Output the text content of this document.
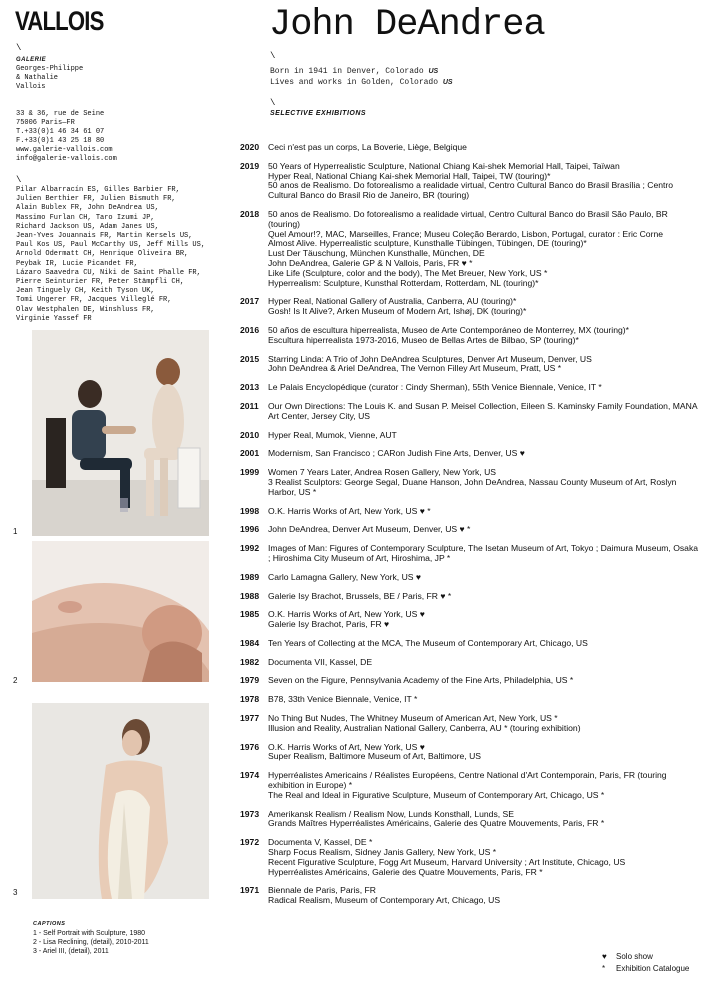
VALLOIS
\
GALERIE
Georges-Philippe
& Nathalie
Vallois
33 & 36, rue de Seine
75006 Paris—FR
T.+33(0)1 46 34 61 07
F.+33(0)1 43 25 18 80
www.galerie-vallois.com
info@galerie-vallois.com
\
Pilar Albarracín ES, Gilles Barbier FR,
Julien Berthier FR, Julien Bismuth FR,
Alain Bublex FR, John DeAndrea US,
Massimo Furlan CH, Taro Izumi JP,
Richard Jackson US, Adam Janes US,
Jean-Yves Jouannais FR, Martin Kersels US,
Paul Kos US, Paul McCarthy US, Jeff Mills US,
Arnold Odermatt CH, Henrique Oliveira BR,
Peybak IR, Lucie Picandet FR,
Lázaro Saavedra CU, Niki de Saint Phalle FR,
Pierre Seinturier FR, Peter Stämpfli CH,
Jean Tinguely CH, Keith Tyson UK,
Tomi Ungerer FR, Jacques Villeglé FR,
Olav Westphalen DE, Winshluss FR,
Virginie Yassef FR
1
2
3
CAPTIONS
1 - Self Portrait with Sculpture, 1980
2 - Lisa Reclining, (detail), 2010-2011
3 - Ariel III, (detail), 2011
John DeAndrea
\
Born in 1941 in Denver, Colorado US
Lives and works in Golden, Colorado US
\
SELECTIVE EXHIBITIONS
2020	Ceci n'est pas un corps, La Boverie, Liège, Belgique
2019	50 Years of Hyperrealistic Sculpture, National Chiang Kai-shek Memorial Hall, Taipei, Taïwan
Hyper Real, National Chiang Kai-shek Memorial Hall, Taipei, TW (touring)*
50 anos de Realismo. Do fotorealismo a realidade virtual, Centro Cultural Banco do Brasil Brasília ; Centro Cultural Banco do Brasil Rio de Janeiro, BR (touring)
2018	50 anos de Realismo. Do fotorealismo a realidade virtual, Centro Cultural Banco do Brasil São Paulo, BR (touring)
Quel Amour!?, MAC, Marseilles, France; Museu Coleção Berardo, Lisbon, Portugal, curator : Eric Corne
Almost Alive. Hyperrealistic sculpture, Kunsthalle Tübingen, Tübingen, DE (touring)*
Lust Der Täuschung, München Kunsthalle, München, DE
John DeAndrea, Galerie GP & N Vallois, Paris, FR ♥ *
Like Life (Sculpture, color and the body), The Met Breuer, New York, US *
Hyperrealism: Sculpture, Kunsthal Rotterdam, Rotterdam, NL (touring)*
2017	Hyper Real, National Gallery of Australia, Canberra, AU (touring)*
Gosh! Is It Alive?, Arken Museum of Modern Art, Ishøj, DK (touring)*
2016	50 años de escultura hiperrealista, Museo de Arte Contemporáneo de Monterrey, MX (touring)*
Escultura hiperrealista 1973-2016, Museo de Bellas Artes de Bilbao, SP (touring)*
2015	Starring Linda: A Trio of John DeAndrea Sculptures, Denver Art Museum, Denver, US
John DeAndrea & Ariel DeAndrea, The Vernon Filley Art Museum, Pratt, US *
2013	Le Palais Encyclopédique (curator : Cindy Sherman), 55th Venice Biennale, Venice, IT *
2011	Our Own Directions: The Louis K. and Susan P. Meisel Collection, Eileen S. Kaminsky Family Foundation, MANA Art Center, Jersey City, US
2010	Hyper Real, Mumok, Vienne, AUT
2001	Modernism, San Francisco ; CARon Judish Fine Arts, Denver, US ♥
1999	Women 7 Years Later, Andrea Rosen Gallery, New York, US
3 Realist Sculptors: George Segal, Duane Hanson, John DeAndrea, Nassau County Museum of Art, Roslyn Harbor, US *
1998	O.K. Harris Works of Art, New York, US ♥ *
1996	John DeAndrea, Denver Art Museum, Denver, US ♥ *
1992	Images of Man: Figures of Contemporary Sculpture, The Isetan Museum of Art, Tokyo ; Daimura Museum, Osaka ; Hiroshima City Museum of Art, Hiroshima, JP *
1989	Carlo Lamagna Gallery, New York, US ♥
1988	Galerie Isy Brachot, Brussels, BE / Paris, FR ♥ *
1985	O.K. Harris Works of Art, New York, US ♥
Galerie Isy Brachot, Paris, FR ♥
1984	Ten Years of Collecting at the MCA, The Museum of Contemporary Art, Chicago, US
1982	Documenta VII, Kassel, DE
1979	Seven on the Figure, Pennsylvania Academy of the Fine Arts, Philadelphia, US *
1978	B78, 33th Venice Biennale, Venice, IT *
1977	No Thing But Nudes, The Whitney Museum of American Art, New York, US *
Illusion and Reality, Australian National Gallery, Canberra, AU * (touring exhibition)
1976	O.K. Harris Works of Art, New York, US ♥
Super Realism, Baltimore Museum of Art, Baltimore, US
1974	Hyperréalistes Americains / Réalistes Européens, Centre National d'Art Contemporain, Paris, FR (touring exhibition in Europe) *
The Real and Ideal in Figurative Sculpture, Museum of Contemporary Art, Chicago, US *
1973	Amerikansk Realism / Realism Now, Lunds Konsthall, Lunds, SE
Grands Maîtres Hyperréalistes Américains, Galerie des Quatre Mouvements, Paris, FR *
1972	Documenta V, Kassel, DE *
Sharp Focus Realism, Sidney Janis Gallery, New York, US *
Recent Figurative Sculpture, Fogg Art Museum, Harvard University ; Art Institute, Chicago, US
Hyperréalistes Américains, Galerie des Quatre Mouvements, Paris, FR *
1971	Biennale de Paris, Paris, FR
Radical Realism, Museum of Contemporary Art, Chicago, US
♥ Solo show
* Exhibition Catalogue
